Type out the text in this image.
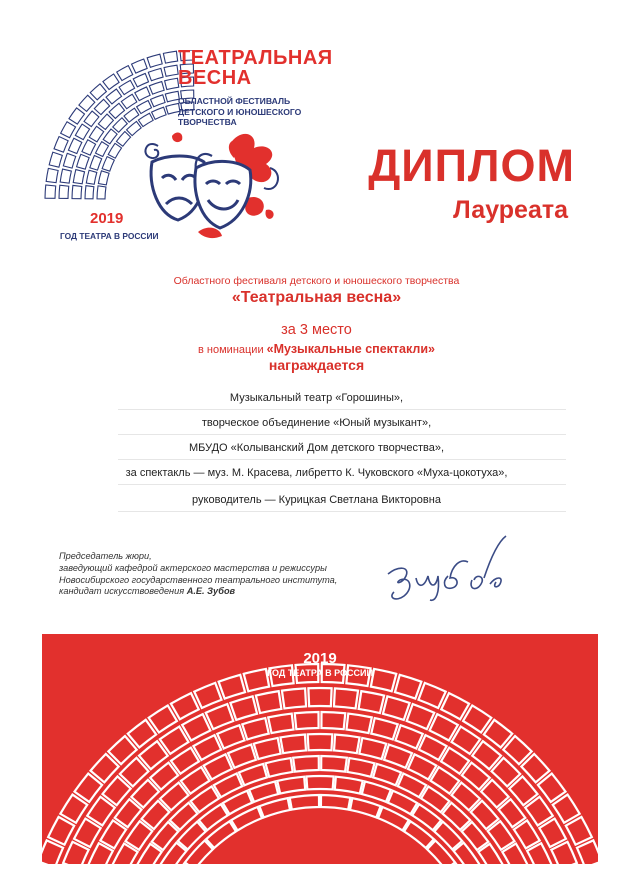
ТЕАТРАЛЬНАЯ
ВЕСНА
ОБЛАСТНОЙ ФЕСТИВАЛЬ
ДЕТСКОГО И ЮНОШЕСКОГО
ТВОРЧЕСТВА
2019
ГОД ТЕАТРА В РОССИИ
ДИПЛОМ
Лауреата
Областного фестиваля детского и юношеского творчества
«Театральная весна»
за 3 место
в номинации «Музыкальные спектакли»
награждается
Музыкальный театр «Горошины»,
творческое объединение «Юный музыкант»,
МБУДО «Колыванский Дом детского творчества»,
за спектакль — муз. М. Красева, либретто К. Чуковского «Муха-цокотуха»,
руководитель — Курицкая Светлана Викторовна
Председатель жюри,
заведующий кафедрой актерского мастерства и режиссуры
Новосибирского государственного театрального института,
кандидат искусствоведения А.Е. Зубов
2019
ГОД ТЕАТРА В РОССИИ
